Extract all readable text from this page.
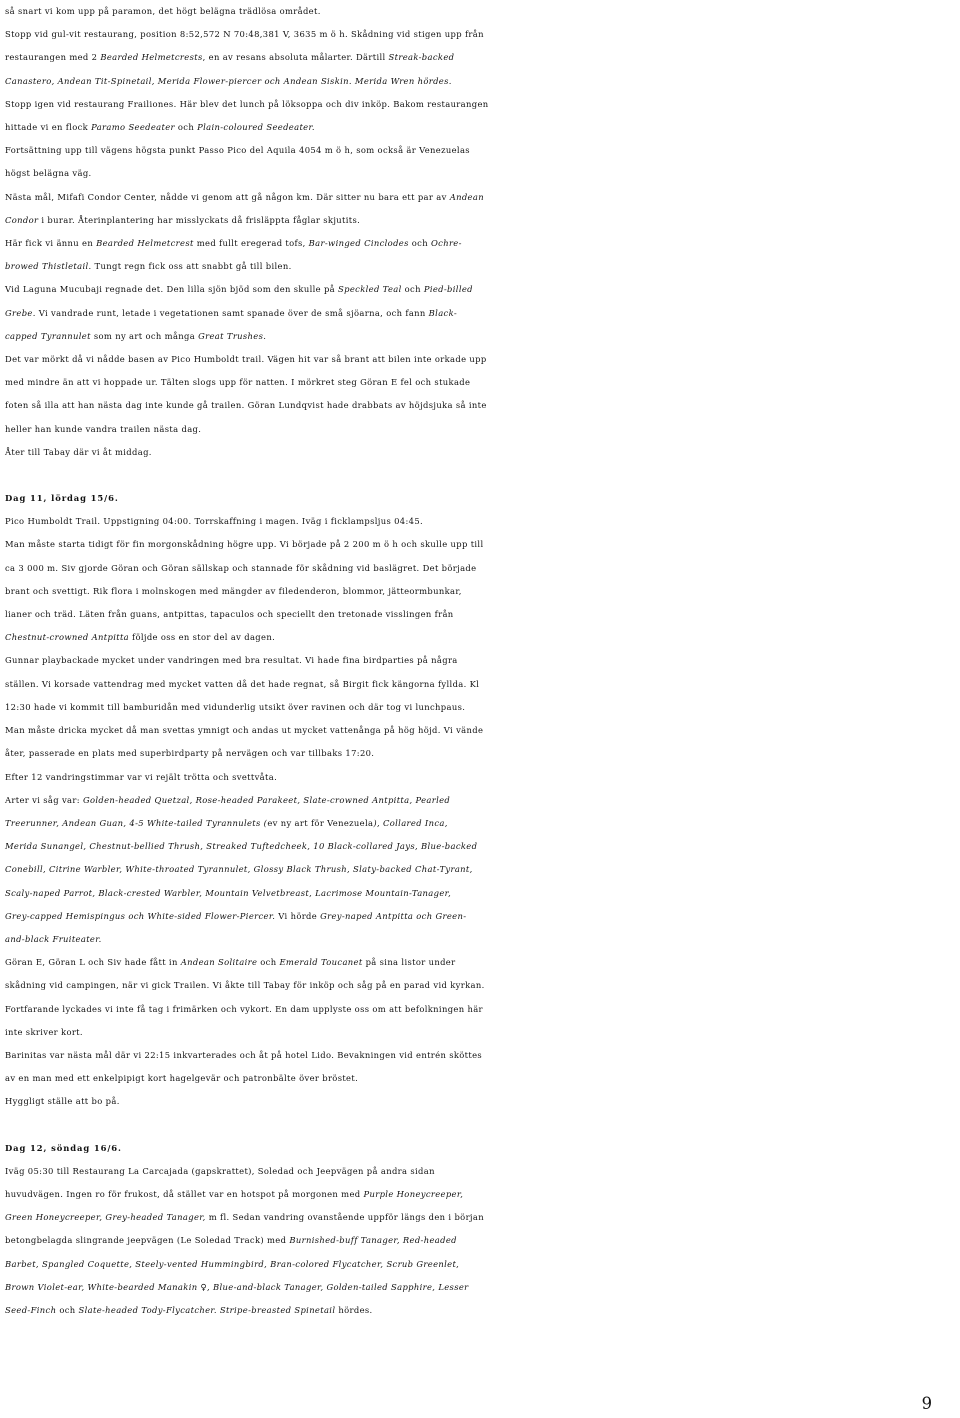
så snart vi kom upp på paramon, det högt belägna trädlösa området.
Stopp vid gul-vit restaurang, position 8:52,572 N 70:48,381 V, 3635 m ö h. Skådning vid stigen upp från
restaurangen med 2 Bearded Helmetcrests, en av resans absoluta målarter. Därtill Streak-backed
Canastero, Andean Tit-Spinetail, Merida Flower-piercer och Andean Siskin. Merida Wren hördes.
Stopp igen vid restaurang Frailiones. Här blev det lunch på löksoppa och div inköp. Bakom restaurangen
hittade vi en flock Paramo Seedeater och Plain-coloured Seedeater.
Fortsättning upp till vägens högsta punkt Passo Pico del Aquila 4054 m ö h, som också är Venezuelas
högst belägna väg.
Nästa mål, Mifafi Condor Center, nådde vi genom att gå någon km. Där sitter nu bara ett par av Andean
Condor i burar. Återinplantering har misslyckats då frisläppta fåglar skjutits.
Här fick vi ännu en Bearded Helmetcrest med fullt eregerad tofs, Bar-winged Cinclodes och Ochre-
browed Thistletail. Tungt regn fick oss att snabbt gå till bilen.
Vid Laguna Mucubaji regnade det. Den lilla sjön bjöd som den skulle på Speckled Teal och Pied-billed
Grebe. Vi vandrade runt, letade i vegetationen samt spanade över de små sjöarna, och fann Black-
capped Tyrannulet som ny art och många Great Trushes.
Det var mörkt då vi nådde basen av Pico Humboldt trail. Vägen hit var så brant att bilen inte orkade upp
med mindre än att vi hoppade ur. Tälten slogs upp för natten. I mörkret steg Göran E fel och stukade
foten så illa att han nästa dag inte kunde gå trailen. Göran Lundqvist hade drabbats av höjdsjuka så inte
heller han kunde vandra trailen nästa dag.
Åter till Tabay där vi åt middag.
Dag 11, lördag 15/6.
Pico Humboldt Trail. Uppstigning 04:00. Torrskaffning i magen. Iväg i ficklampsljus 04:45.
Man måste starta tidigt för fin morgonskådning högre upp. Vi började på 2 200 m ö h och skulle upp till
ca 3 000 m. Siv gjorde Göran och Göran sällskap och stannade för skådning vid baslägret. Det började
brant och svettigt. Rik flora i molnskogen med mängder av filedenderon, blommor, jätteormbunkar,
lianer och träd. Läten från guans, antpittas, tapaculos och speciellt den tretonade visslingen från
Chestnut-crowned Antpitta följde oss en stor del av dagen.
Gunnar playbackade mycket under vandringen med bra resultat. Vi hade fina birdparties på några
ställen. Vi korsade vattendrag med mycket vatten då det hade regnat, så Birgit fick kängorna fyllda. Kl
12:30 hade vi kommit till bamburidån med vidunderlig utsikt över ravinen och där tog vi lunchpaus.
Man måste dricka mycket då man svettas ymnigt och andas ut mycket vattenånga på hög höjd. Vi vände
åter, passerade en plats med superbirdparty på nervägen och var tillbaks 17:20.
Efter 12 vandringstimmar var vi rejält trötta och svettvåta.
Arter vi såg var: Golden-headed Quetzal, Rose-headed Parakeet, Slate-crowned Antpitta, Pearled
Treerunner, Andean Guan, 4-5 White-tailed Tyrannulets (ev ny art för Venezuela), Collared Inca,
Merida Sunangel, Chestnut-bellied Thrush, Streaked Tuftedcheek, 10 Black-collared Jays, Blue-backed
Conebill, Citrine Warbler, White-throated Tyrannulet, Glossy Black Thrush, Slaty-backed Chat-Tyrant,
Scaly-naped Parrot, Black-crested Warbler, Mountain Velvetbreast, Lacrimose Mountain-Tanager,
Grey-capped Hemispingus och White-sided Flower-Piercer. Vi hörde Grey-naped Antpitta och Green-
and-black Fruiteater.
Göran E, Göran L och Siv hade fått in Andean Solitaire och Emerald Toucanet på sina listor under
skådning vid campingen, när vi gick Trailen. Vi åkte till Tabay för inköp och såg på en parad vid kyrkan.
Fortfarande lyckades vi inte få tag i frimärken och vykort. En dam upplyste oss om att befolkningen här
inte skriver kort.
Barinitas var nästa mål där vi 22:15 inkvarterades och åt på hotel Lido. Bevakningen vid entrén sköttes
av en man med ett enkelpipigt kort hagelgevär och patronbälte över bröstet.
Hyggligt ställe att bo på.
Dag 12, söndag 16/6.
Iväg 05:30 till Restaurang La Carcajada (gapskrattet), Soledad och Jeepvägen på andra sidan
huvudvägen. Ingen ro för frukost, då stället var en hotspot på morgonen med Purple Honeycreeper,
Green Honeycreeper, Grey-headed Tanager, m fl. Sedan vandring ovanstående uppför längs den i början
betongbelagda slingrande jeepvägen (Le Soledad Track) med Burnished-buff Tanager, Red-headed
Barbet, Spangled Coquette, Steely-vented Hummingbird, Bran-colored Flycatcher, Scrub Greenlet,
Brown Violet-ear, White-bearded Manakin ♀, Blue-and-black Tanager, Golden-tailed Sapphire, Lesser
Seed-Finch och Slate-headed Tody-Flycatcher. Stripe-breasted Spinetail hördes.
9
